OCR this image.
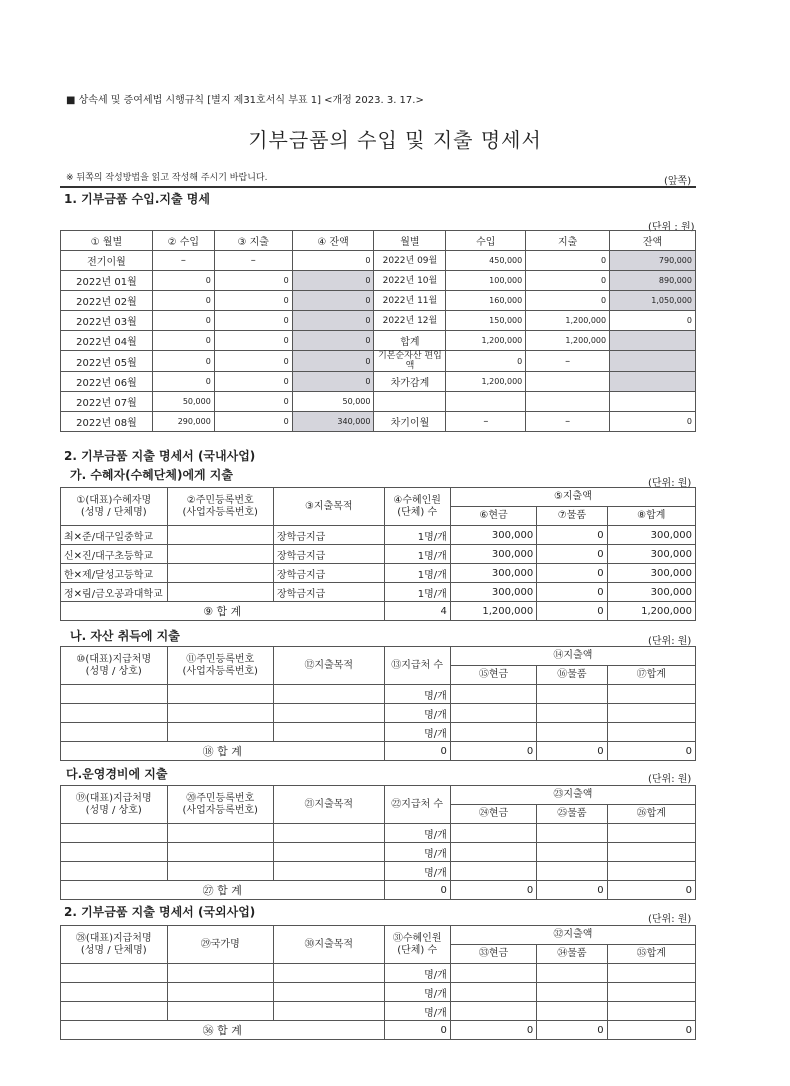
■ 상속세 및 증여세법 시행규칙 [별지 제31호서식 부표 1] <개정 2023. 3. 17.>
기부금품의 수입 및 지출 명세서
※ 뒤쪽의 작성방법을 읽고 작성해 주시기 바랍니다.	(앞쪽)
1. 기부금품 수입.지출 명세
(단위 : 원)
① 월별	② 수입	③ 지출	④ 잔액	월별	수입	지출	잔액
전기이월	–	–	0	2022년 09월	450,000	0	790,000
2022년 01월	0	0	0	2022년 10월	100,000	0	890,000
2022년 02월	0	0	0	2022년 11월	160,000	0	1,050,000
2022년 03월	0	0	0	2022년 12월	150,000	1,200,000	0
2022년 04월	0	0	0	합계	1,200,000	1,200,000	
2022년 05월	0	0	0	기본순자산 편입액	0	–	
2022년 06월	0	0	0	차가감계	1,200,000		
2022년 07월	50,000	0	50,000				
2022년 08월	290,000	0	340,000	차기이월	–	–	0
2. 기부금품 지출 명세서 (국내사업)
가. 수혜자(수혜단체)에게 지출
(단위: 원)
①(대표)수혜자명
(성명 / 단체명)	②주민등록번호
(사업자등록번호)	③지출목적	④수혜인원
(단체) 수	⑤지출액		
				⑥현금	⑦물품	⑧합계
최✕준/대구일중학교		장학금지급	1명/개	300,000	0	300,000
신✕진/대구초등학교		장학금지급	1명/개	300,000	0	300,000
한✕제/달성고등학교		장학금지급	1명/개	300,000	0	300,000
정✕림/금오공과대학교		장학금지급	1명/개	300,000	0	300,000
⑨ 합 계			4	1,200,000	0	1,200,000
나. 자산 취득에 지출	(단위: 원)
⑩(대표)지급처명
(성명 / 상호)	⑪주민등록번호
(사업자등록번호)	⑫지출목적	⑬지급처 수	⑭지출액		
				⑮현금	⑯물품	⑰합계
			명/개			
			명/개			
			명/개			
⑱ 합 계			0	0	0	0
다.운영경비에 지출	(단위: 원)
⑲(대표)지급처명
(성명 / 상호)	⑳주민등록번호
(사업자등록번호)	㉑지출목적	㉒지급처 수	㉓지출액		
				㉔현금	㉕물품	㉖합계
			명/개			
			명/개			
			명/개			
㉗ 합 계			0	0	0	0
2. 기부금품 지출 명세서 (국외사업)
(단위: 원)
㉘(대표)지급처명
(성명 / 단체명)	㉙국가명	㉚지출목적	㉛수혜인원
(단체) 수	㉜지출액		
				㉝현금	㉞물품	㉟합계
			명/개			
			명/개			
			명/개			
㊱ 합 계			0	0	0	0
